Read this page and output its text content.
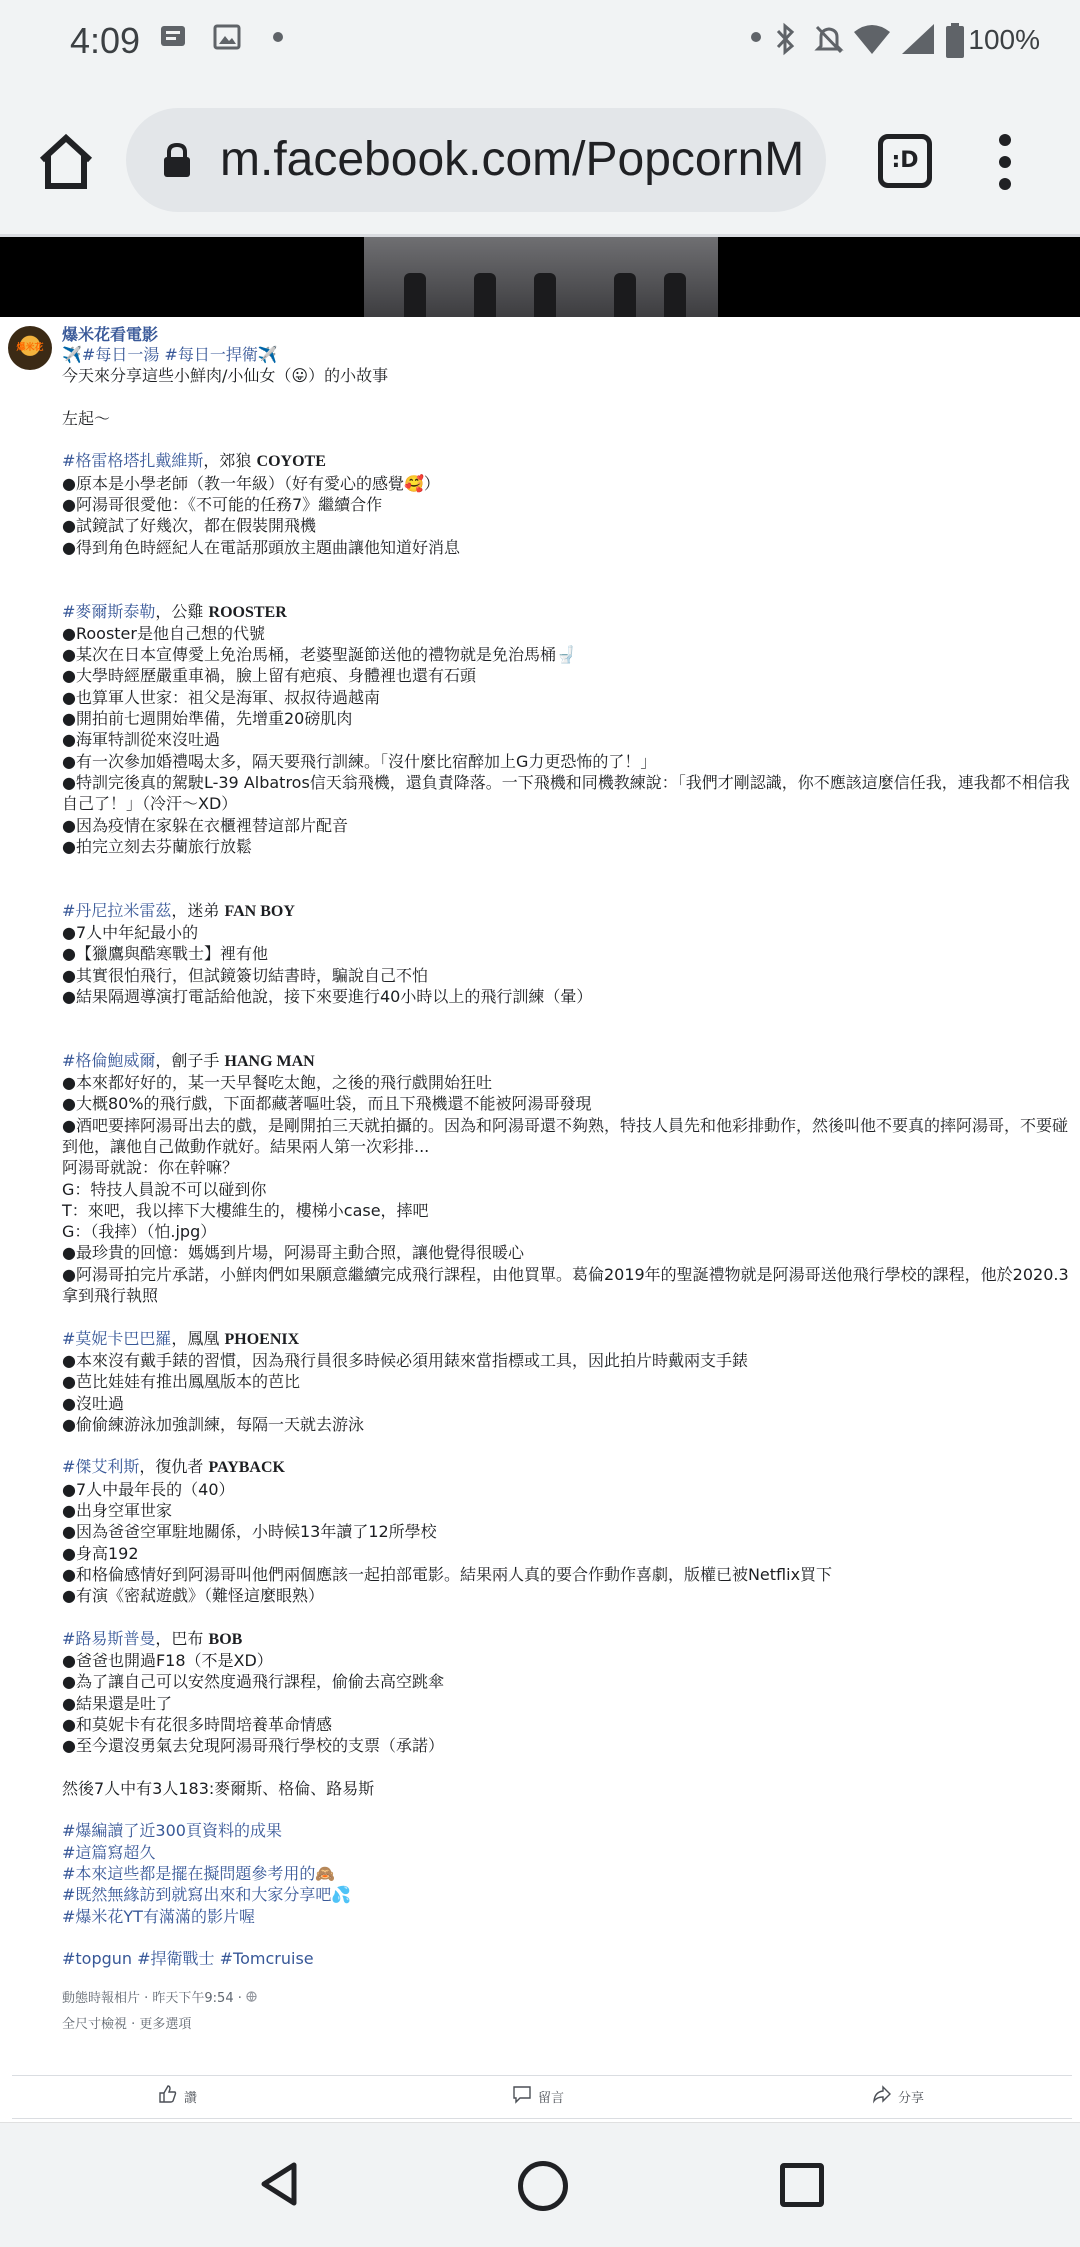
4:09	100%
m.facebook.com/PopcornM	:D
爆米花
爆米花看電影
✈️#每日一湯 #每日一捍衛✈️
今天來分享這些小鮮肉/小仙女（😛）的小故事
左起～
#格雷格塔扎戴維斯，郊狼 COYOTE
●原本是小學老師（教一年級）（好有愛心的感覺🥰）
●阿湯哥很愛他：《不可能的任務7》繼續合作
●試鏡試了好幾次，都在假裝開飛機
●得到角色時經紀人在電話那頭放主題曲讓他知道好消息
#麥爾斯泰勒，公雞 ROOSTER
●Rooster是他自己想的代號
●某次在日本宣傳愛上免治馬桶，老婆聖誕節送他的禮物就是免治馬桶🚽
●大學時經歷嚴重車禍，臉上留有疤痕、身體裡也還有石頭
●也算軍人世家：祖父是海軍、叔叔待過越南
●開拍前七週開始準備，先增重20磅肌肉
●海軍特訓從來沒吐過
●有一次參加婚禮喝太多，隔天要飛行訓練。「沒什麼比宿醉加上G力更恐怖的了！」
●特訓完後真的駕駛L-39 Albatros信天翁飛機，還負責降落。一下飛機和同機教練說：「我們才剛認識，你不應該這麼信任我，連我都不相信我自己了！」（冷汗～XD）
●因為疫情在家躲在衣櫃裡替這部片配音
●拍完立刻去芬蘭旅行放鬆
#丹尼拉米雷茲，迷弟 FAN BOY
●7人中年紀最小的
●【獵鷹與酷寒戰士】裡有他
●其實很怕飛行，但試鏡簽切結書時，騙說自己不怕
●結果隔週導演打電話給他說，接下來要進行40小時以上的飛行訓練（暈）
#格倫鮑威爾，劊子手 HANG MAN
●本來都好好的，某一天早餐吃太飽，之後的飛行戲開始狂吐
●大概80%的飛行戲，下面都藏著嘔吐袋，而且下飛機還不能被阿湯哥發現
●酒吧要摔阿湯哥出去的戲，是剛開拍三天就拍攝的。因為和阿湯哥還不夠熟，特技人員先和他彩排動作，然後叫他不要真的摔阿湯哥，不要碰到他，讓他自己做動作就好。結果兩人第一次彩排...
阿湯哥就說：你在幹嘛？
G：特技人員說不可以碰到你
T：來吧，我以摔下大樓維生的，樓梯小case，摔吧
G：（我摔）（怕.jpg）
●最珍貴的回憶：媽媽到片場，阿湯哥主動合照，讓他覺得很暖心
●阿湯哥拍完片承諾，小鮮肉們如果願意繼續完成飛行課程，由他買單。葛倫2019年的聖誕禮物就是阿湯哥送他飛行學校的課程，他於2020.3拿到飛行執照
#莫妮卡巴巴羅，鳳凰 PHOENIX
●本來沒有戴手錶的習慣，因為飛行員很多時候必須用錶來當指標或工具，因此拍片時戴兩支手錶
●芭比娃娃有推出鳳凰版本的芭比
●沒吐過
●偷偷練游泳加強訓練，每隔一天就去游泳
#傑艾利斯，復仇者 PAYBACK
●7人中最年長的（40）
●出身空軍世家
●因為爸爸空軍駐地關係，小時候13年讀了12所學校
●身高192
●和格倫感情好到阿湯哥叫他們兩個應該一起拍部電影。結果兩人真的要合作動作喜劇，版權已被Netflix買下
●有演《密弒遊戲》（難怪這麼眼熟）
#路易斯普曼，巴布 BOB
●爸爸也開過F18（不是XD）
●為了讓自己可以安然度過飛行課程，偷偷去高空跳傘
●結果還是吐了
●和莫妮卡有花很多時間培養革命情感
●至今還沒勇氣去兌現阿湯哥飛行學校的支票（承諾）
然後7人中有3人183:麥爾斯、格倫、路易斯
#爆編讀了近300頁資料的成果
#這篇寫超久
#本來這些都是擺在擬問題參考用的🙈
#既然無緣訪到就寫出來和大家分享吧💦
#爆米花YT有滿滿的影片喔
#topgun #捍衛戰士 #Tomcruise
動態時報相片 · 昨天下午9:54 ·
全尺寸檢視 · 更多選項
讚	留言	分享
